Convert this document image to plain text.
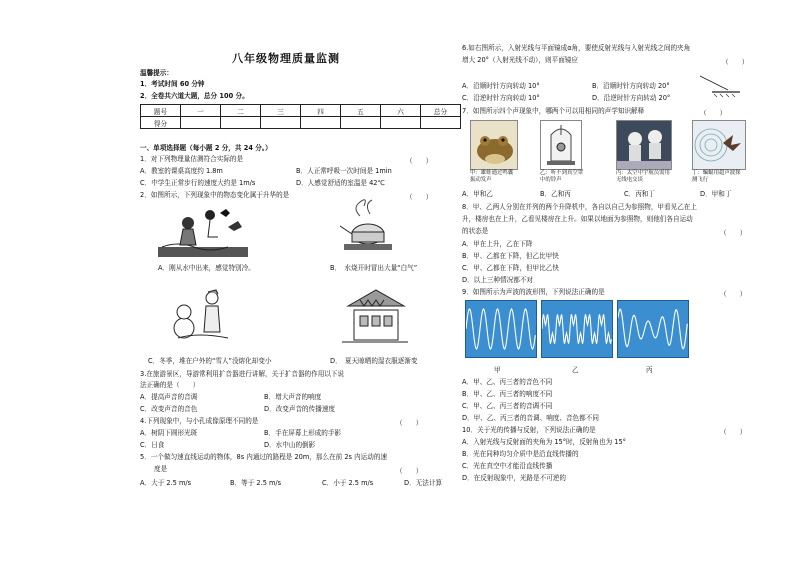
八年级物理质量监测
温馨提示：
1．考试时间 60 分钟
2．全卷共六道大题，总分 100 分。
题号	一	二	三	四	五	六	总分
得分							
一、单项选择题（每小题 2 分，共 24 分。）
1．对下列物理量估测符合实际的是	（　　）
A．教室的课桌高度约 1.8m	B．人正常呼吸一次时间是 1min
C．中学生正常步行的速度大约是 1m/s	D．人感觉舒适的室温是 42℃
2．如图所示，下列现象中的物态变化属于升华的是	（　　）
A．刚从水中出来，感觉特别冷。	B．　水烧开时冒出大量“白气”
C．冬季，堆在户外的“雪人”没熔化却变小	D．　夏天晾晒的湿衣服逐渐变
3.在旅游景区，导游常利用扩音器进行讲解，关于扩音器的作用以下说
法正确的是（　　）
A．提高声音的音调	B．增大声音的响度
C．改变声音的音色	D．改变声音的传播速度
4.下列现象中，与小孔成像原理不同的是	（　　）
A．树阴下圆形光斑	B．手在屏幕上形成的手影
C．日食	D．水中山的倒影
5．一个做匀速直线运动的物体，8s 内通过的路程是 20m，那么在前 2s 内运动的速
度是	（　　）
A．大于 2.5 m/s	B．等于 2.5 m/s	C．小于 2.5 m/s	D．无法计算
6.如右图所示，入射光线与平面镜成α角，要使反射光线与入射光线之间的夹角
增大 20°（入射光线不动），则平面镜应	（　　）
A．沿顺时针方向转动 10°	B．沿顺时针方向转动 20°
C．沿逆时针方向转动 10°	D．沿逆时针方向转动 20°
7．如图所示四个声现象中，哪两个可以用相同的声学知识解释	（　　）
甲：雄蛙通过鸣囊振动发声
乙：听不到真空罩中的铃声
丙：太空中宇航员需用无线电交谈
丁：蝙蝠用超声波探测飞行
A．甲和乙	B．乙和丙	C．丙和丁	D．甲和丁
8．甲、乙两人分别在并列的两个升降机中，各自以自己为参照物，甲看见乙在上
升，楼房也在上升，乙看见楼房在上升。如果以地面为参照物，则他们各自运动
的状态是	（　　）
A．甲在上升，乙在下降
B．甲、乙都在下降，但乙比甲快
C．甲、乙都在下降，但甲比乙快
D．以上三种情况都不对
9．如图所示为声波的波形图，下列说法正确的是	（　　）
甲	乙	丙
A．甲、乙、丙三者的音色不同
B．甲、乙、丙三者的响度不同
C．甲、乙、丙三者的音调不同
D．甲、乙、丙三者的音调、响度、音色都不同
10．关于光的传播与反射，下列说法正确的是	（　　）
A．入射光线与反射面的夹角为 15°时，反射角也为 15°
B．光在同种均匀介质中是沿直线传播的
C．光在真空中才能沿直线传播
D．在反射现象中，光路是不可逆的
